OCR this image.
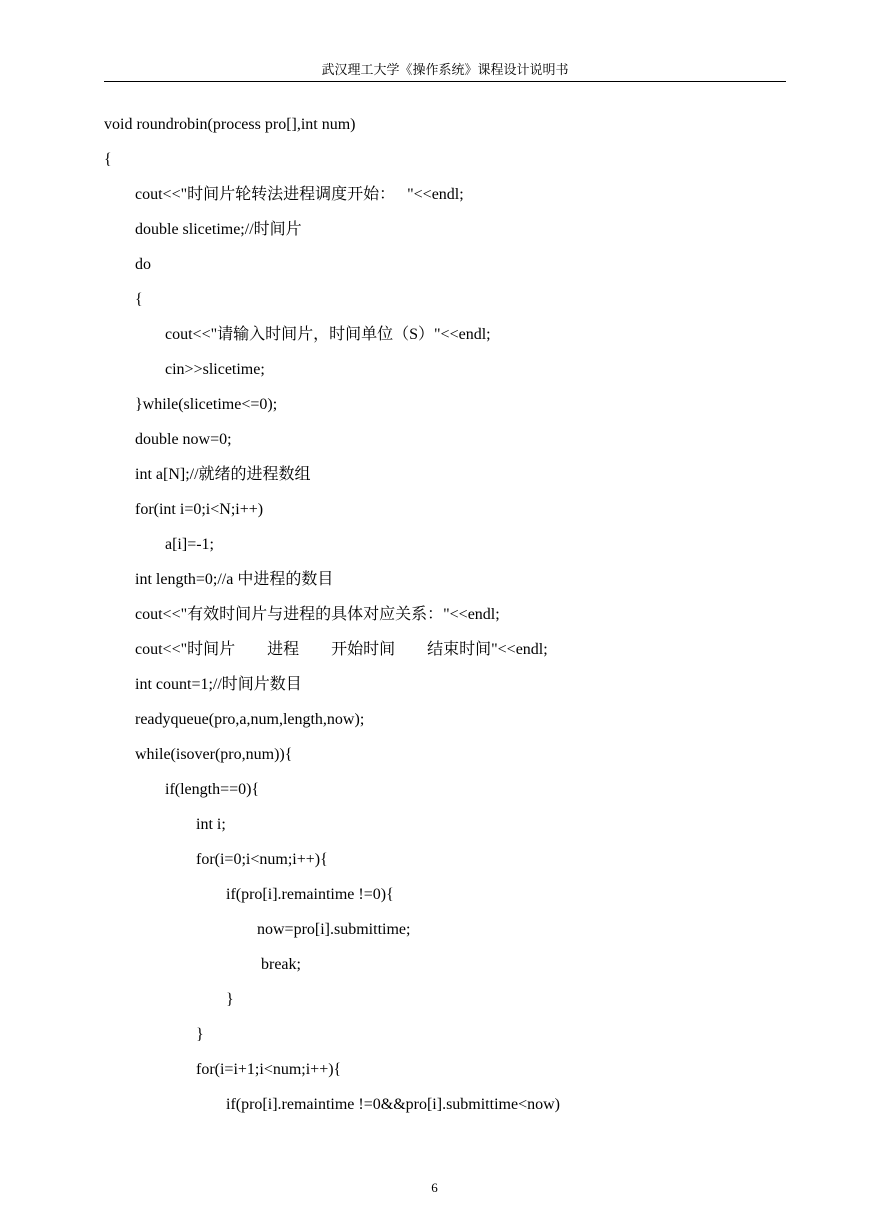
武汉理工大学《操作系统》课程设计说明书
void roundrobin(process pro[],int num)
{
cout<<"时间片轮转法进程调度开始：   "<<endl;
double slicetime;//时间片
do
{
cout<<"请输入时间片，时间单位（S）"<<endl;
cin>>slicetime;
}while(slicetime<=0);
double now=0;
int a[N];//就绪的进程数组
for(int i=0;i<N;i++)
a[i]=-1;
int length=0;//a 中进程的数目
cout<<"有效时间片与进程的具体对应关系："<<endl;
cout<<"时间片        进程        开始时间        结束时间"<<endl;
int count=1;//时间片数目
readyqueue(pro,a,num,length,now);
while(isover(pro,num)){
if(length==0){
int i;
for(i=0;i<num;i++){
if(pro[i].remaintime !=0){
now=pro[i].submittime;
break;
}
}
for(i=i+1;i<num;i++){
if(pro[i].remaintime !=0&&pro[i].submittime<now)
6
